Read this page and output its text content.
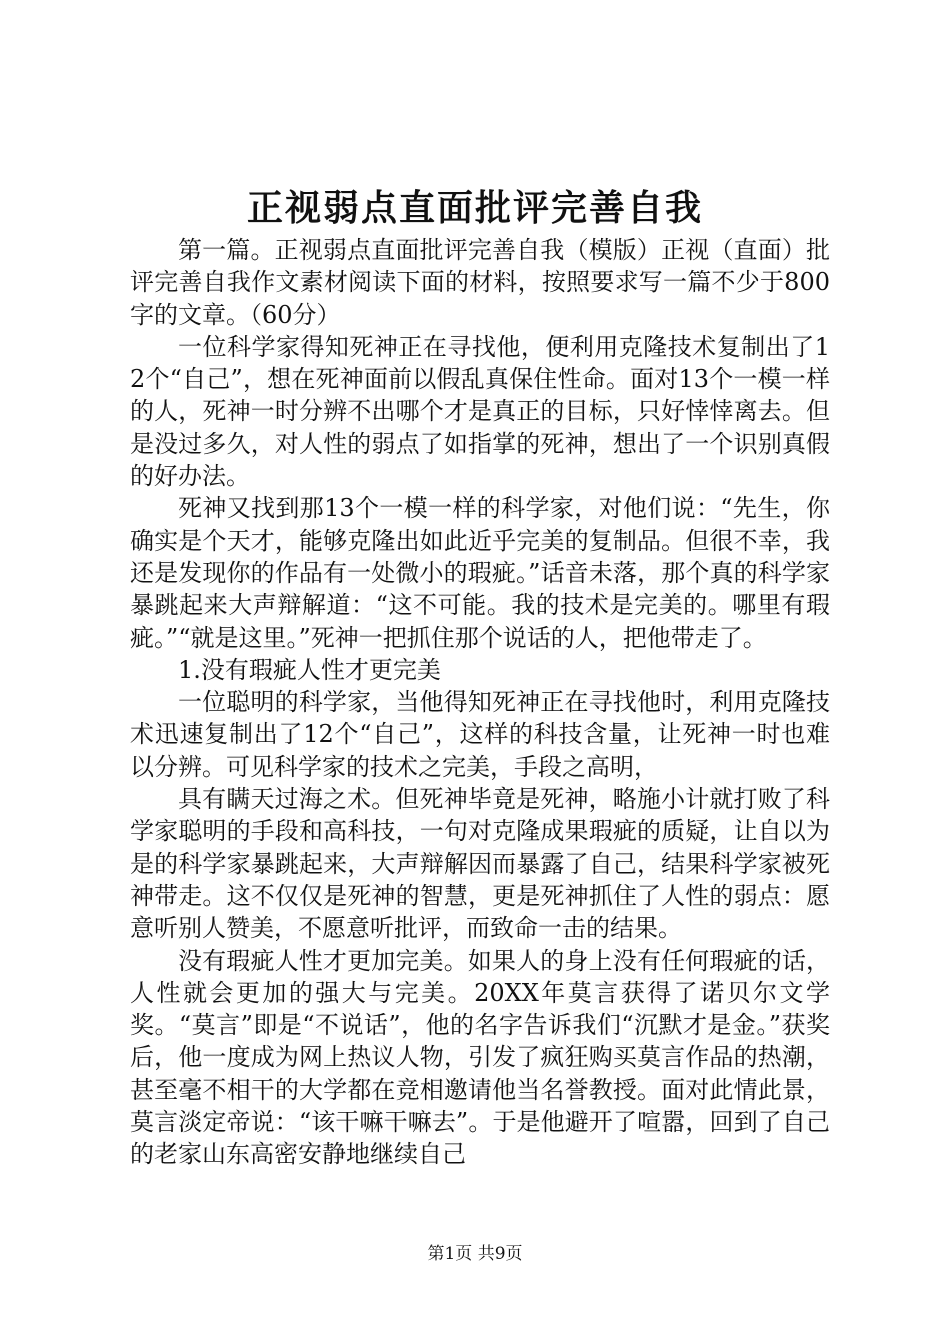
正视弱点直面批评完善自我

第一篇。正视弱点直面批评完善自我（模版）正视（直面）批评完善自我作文素材阅读下面的材料，按照要求写一篇不少于800字的文章。（60分）

一位科学家得知死神正在寻找他，便利用克隆技术复制出了12个“自己”，想在死神面前以假乱真保住性命。面对13个一模一样的人，死神一时分辨不出哪个才是真正的目标，只好悻悻离去。但是没过多久，对人性的弱点了如指掌的死神，想出了一个识别真假的好办法。

死神又找到那13个一模一样的科学家，对他们说：“先生，你确实是个天才，能够克隆出如此近乎完美的复制品。但很不幸，我还是发现你的作品有一处微小的瑕疵。”话音未落，那个真的科学家暴跳起来大声辩解道：“这不可能。我的技术是完美的。哪里有瑕疵。”“就是这里。”死神一把抓住那个说话的人，把他带走了。

1.没有瑕疵人性才更完美

一位聪明的科学家，当他得知死神正在寻找他时，利用克隆技术迅速复制出了12个“自己”，这样的科技含量，让死神一时也难以分辨。可见科学家的技术之完美，手段之高明，

具有瞒天过海之术。但死神毕竟是死神，略施小计就打败了科学家聪明的手段和高科技，一句对克隆成果瑕疵的质疑，让自以为是的科学家暴跳起来，大声辩解因而暴露了自己，结果科学家被死神带走。这不仅仅是死神的智慧，更是死神抓住了人性的弱点：愿意听别人赞美，不愿意听批评，而致命一击的结果。

没有瑕疵人性才更加完美。如果人的身上没有任何瑕疵的话，人性就会更加的强大与完美。20XX年莫言获得了诺贝尔文学奖。“莫言”即是“不说话”，他的名字告诉我们“沉默才是金。”获奖后，他一度成为网上热议人物，引发了疯狂购买莫言作品的热潮，甚至毫不相干的大学都在竞相邀请他当名誉教授。面对此情此景，莫言淡定帝说：“该干嘛干嘛去”。于是他避开了喧嚣，回到了自己的老家山东高密安静地继续自己

第1页 共9页
